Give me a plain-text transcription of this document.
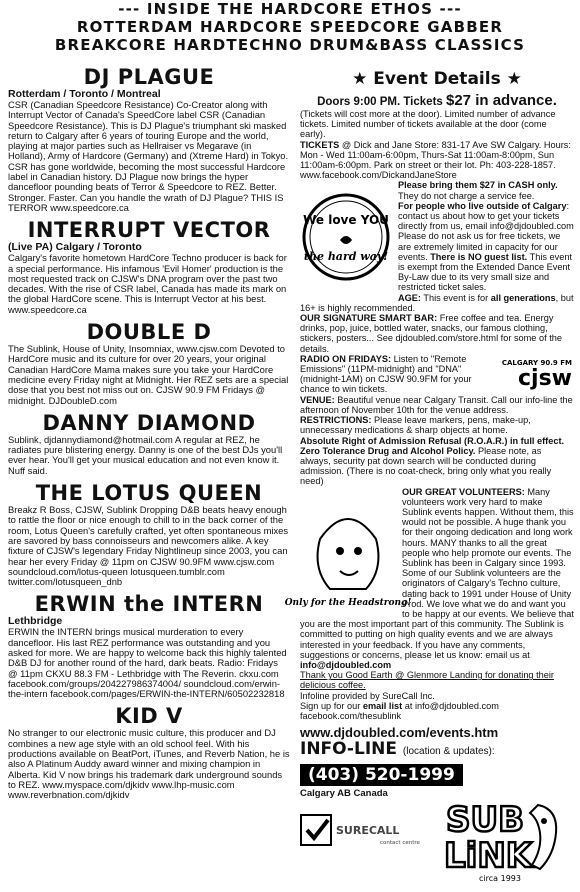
--- INSIDE THE HARDCORE ETHOS ---
ROTTERDAM HARDCORE SPEEDCORE GABBER
BREAKCORE HARDTECHNO DRUM&BASS CLASSICS
DJ PLAGUE
Rotterdam / Toronto / Montreal

CSR (Canadian Speedcore Resistance) Co-Creator along with Interrupt Vector of Canada's SpeedCore label CSR (Canadian Speedcore Resistance). This is DJ Plague's triumphant ski masked return to Calgary after 6 years of touring Europe and the world, playing at major parties such as Hellraiser vs Megarave (in Holland), Army of Hardcore (Germany) and (Xtreme Hard) in Tokyo. CSR has gone worldwide, becoming the most successful Hardcore label in Canadian history. DJ Plague now brings the hyper dancefloor pounding beats of Terror & Speedcore to REZ. Better. Stronger. Faster. Can you handle the wrath of DJ Plague? THIS IS TERROR www.speedcore.ca

INTERRUPT VECTOR
(Live PA) Calgary / Toronto

Calgary's favorite hometown HardCore Techno producer is back for a special performance. His infamous 'Evil Homer' production is the most requested track on CJSW's DNA program over the past two decades. With the rise of CSR label, Canada has made its mark on the global HardCore scene. This is Interrupt Vector at his best. www.speedcore.ca

DOUBLE D

The Sublink, House of Unity, Insomniax, www.cjsw.com Devoted to HardCore music and its culture for over 20 years, your original Canadian HardCore Mama makes sure you take your HardCore medicine every Friday night at Midnight. Her REZ sets are a special dose that you best not miss out on. CJSW 90.9 FM Fridays @ midnight. DJDoubleD.com

DANNY DIAMOND

Sublink, djdannydiamond@hotmail.com A regular at REZ, he radiates pure blistering energy. Danny is one of the best DJs you'll ever hear. You'll get your musical education and not even know it. Nuff said.

THE LOTUS QUEEN

Breakz R Boss, CJSW, Sublink Dropping D&B beats heavy enough to rattle the floor or nice enough to chill to in the back corner of the room, Lotus Queen's carefully crafted, yet often spontaneous mixes are savored by bass connoisseurs and newcomers alike. A key fixture of CJSW's legendary Friday Nightlineup since 2003, you can hear her every Friday @ 11pm on CJSW 90.9FM www.cjsw.com soundcloud.com/lotus-queen lotusqueen.tumblr.com twitter.com/lotusqueen_dnb

ERWIN the INTERN
Lethbridge

ERWIN the INTERN brings musical murderation to every dancefloor. His last REZ performance was outstanding and you asked for more. We are happy to welcome back this highly talented D&B DJ for another round of the hard, dark beats. Radio: Fridays @ 11pm CKXU 88.3 FM - Lethbridge with The Reverin. ckxu.com facebook.com/groups/204227986374004/ soundcloud.com/erwin-the-intern facebook.com/pages/ERWIN-the-INTERN/60502232818

KID V

No stranger to our electronic music culture, this producer and DJ combines a new age style with an old school feel. With his productions available on BeatPort, iTunes, and Reverb Nation, he is also A Platinum Auddy award winner and mixing champion in Alberta. Kid V now brings his trademark dark underground sounds to REZ. www.myspace.com/djkidv www.lhp-music.com www.reverbnation.com/djkidv

★ Event Details ★

Doors 9:00 PM. Tickets $27 in advance.

(Tickets will cost more at the door). Limited number of advance tickets. Limited number of tickets available at the door (come early).

TICKETS @ Dick and Jane Store: 831-17 Ave SW Calgary. Hours: Mon - Wed 11:00am-6:00pm, Thurs-Sat 11:00am-8:00pm, Sun 11:00am-6:00pm. Park on street or their lot. Ph: 403-228-1857. www.facebook.com/DickandJaneStore

We love YOU
the hard way!

Please bring them $27 in CASH only. They do not charge a service fee.

For people who live outside of Calgary: contact us about how to get your tickets directly from us, email info@djdoubled.com

Please do not ask us for free tickets, we are extremely limited in capacity for our events. There is NO guest list. This event is exempt from the Extended Dance Event By-Law due to its very small size and restricted ticket sales.

AGE: This event is for all generations, but 16+ is highly recommended.

OUR SIGNATURE SMART BAR: Free coffee and tea. Energy drinks, pop, juice, bottled water, snacks, our famous clothing, stickers, posters... See djdoubled.com/store.html for some of the details.

CALGARY 90.9 FM
cjsw

RADIO ON FRIDAYS: Listen to "Remote Emissions" (11PM-midnight) and "DNA" (midnight-1AM) on CJSW 90.9FM for your chance to win tickets.

VENUE: Beautiful venue near Calgary Transit. Call our info-line the afternoon of November 10th for the venue address.

RESTRICTIONS: Please leave markers, pens, make-up, unnecessary medications & sharp objects at home.

Absolute Right of Admission Refusal (R.O.A.R.) in full effect. Zero Tolerance Drug and Alcohol Policy. Please note, as always, security pat down search will be conducted during admission. (There is no coat-check, bring only what you really need)

Only for the Headstrong!

OUR GREAT VOLUNTEERS: Many volunteers work very hard to make Sublink events happen. Without them, this would not be possible. A huge thank you for their ongoing dedication and long work hours. MANY thanks to all the great people who help promote our events. The Sublink has been in Calgary since 1993. Some of our Sublink volunteers are the originators of Calgary's Techno culture, dating back to 1991 under House of Unity Prod. We love what we do and want you to be happy at our events. We believe that you are the most important part of this community. The Sublink is committed to putting on high quality events and we are always interested in your feedback. If you have any comments, suggestions or concerns, please let us know: email us at info@djdoubled.com

Thank you Good Earth @ Glenmore Landing for donating their delicious coffee.

Infoline provided by SureCall Inc.

Sign up for our email list at info@djdoubled.com facebook.com/thesublink

www.djdoubled.com/events.htm
INFO-LINE (location & updates):
(403) 520-1999
Calgary AB Canada
SURECALL
contact centre
SUB
LiNK
circa 1993
